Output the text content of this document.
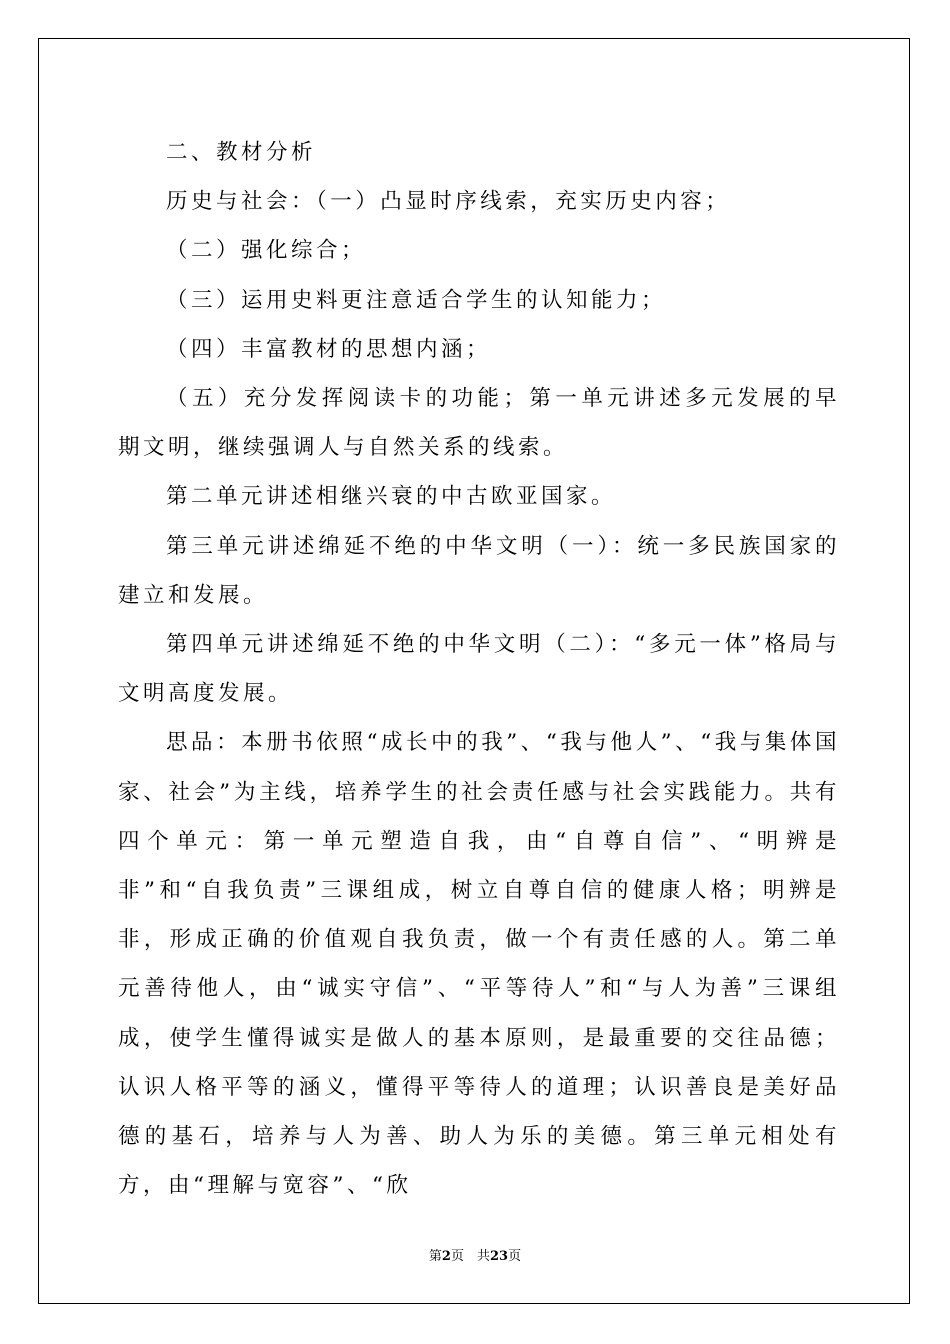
二、教材分析

历史与社会：（一）凸显时序线索，充实历史内容；

（二）强化综合；

（三）运用史料更注意适合学生的认知能力；

（四）丰富教材的思想内涵；

（五）充分发挥阅读卡的功能；第一单元讲述多元发展的早期文明，继续强调人与自然关系的线索。

第二单元讲述相继兴衰的中古欧亚国家。

第三单元讲述绵延不绝的中华文明（一）：统一多民族国家的建立和发展。

第四单元讲述绵延不绝的中华文明（二）：“多元一体”格局与文明高度发展。

思品：本册书依照“成长中的我”、“我与他人”、“我与集体国家、社会”为主线，培养学生的社会责任感与社会实践能力。共有四个单元：第一单元塑造自我，由“自尊自信”、“明辨是非”和“自我负责”三课组成，树立自尊自信的健康人格；明辨是非，形成正确的价值观自我负责，做一个有责任感的人。第二单元善待他人，由“诚实守信”、“平等待人”和“与人为善”三课组成，使学生懂得诚实是做人的基本原则，是最重要的交往品德；认识人格平等的涵义，懂得平等待人的道理；认识善良是美好品德的基石，培养与人为善、助人为乐的美德。第三单元相处有方，由“理解与宽容”、“欣

第2页　共23页
